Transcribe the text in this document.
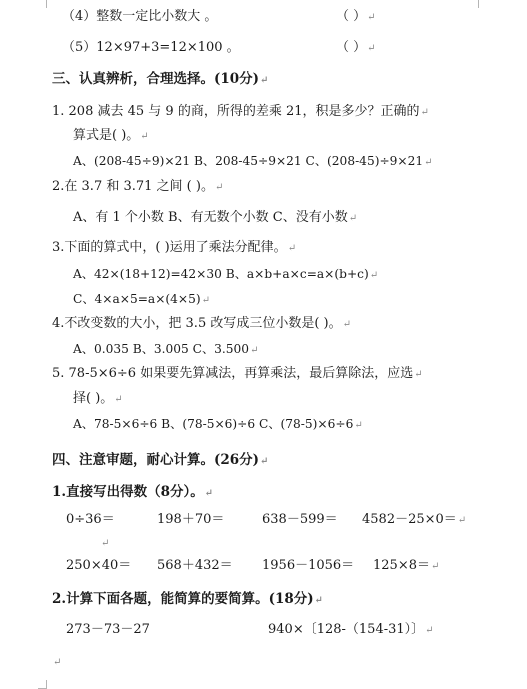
（4）整数一定比小数大 。	（ ）↵
（5）12×97+3=12×100 。	（ ）↵
三、认真辨析，合理选择。(10分)↵
1. 208 减去 45 与 9 的商，所得的差乘 21，积是多少？正确的↵
算式是( )。↵
A、(208-45÷9)×21 B、208-45÷9×21 C、(208-45)÷9×21↵
2.在 3.7 和 3.71 之间 ( )。↵
A、有 1 个小数 B、有无数个小数 C、没有小数↵
3.下面的算式中，( )运用了乘法分配律。↵
A、42×(18+12)=42×30 B、a×b+a×c=a×(b+c)↵
C、4×a×5=a×(4×5)↵
4.不改变数的大小，把 3.5 改写成三位小数是( )。↵
A、0.035 B、3.005 C、3.500↵
5. 78-5×6÷6 如果要先算减法，再算乘法，最后算除法，应选↵
择( )。↵
A、78-5×6÷6 B、(78-5×6)÷6 C、(78-5)×6÷6↵
四、注意审题，耐心计算。(26分)↵
1.直接写出得数（8分）。↵
0÷36＝	198＋70＝	638－599＝ 4582－25×0＝↵
↵
250×40＝ 568＋432＝ 1956－1056＝ 125×8＝↵
2.计算下面各题，能简算的要简算。(18分)↵
273－73－27	940×〔128-（154-31）〕↵
↵
